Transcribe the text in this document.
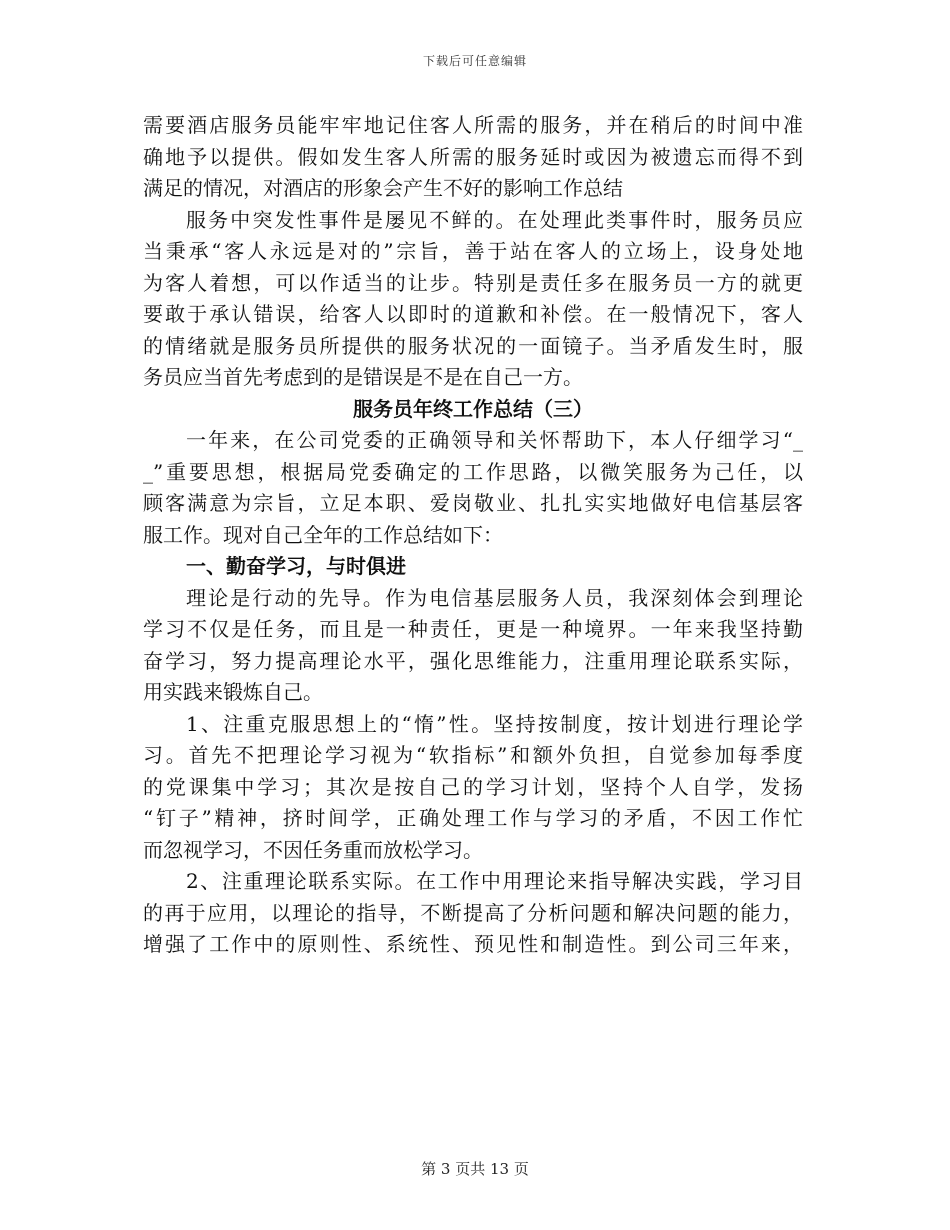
下载后可任意编辑
需要酒店服务员能牢牢地记住客人所需的服务，并在稍后的时间中准
确地予以提供。假如发生客人所需的服务延时或因为被遗忘而得不到
满足的情况，对酒店的形象会产生不好的影响工作总结
服务中突发性事件是屡见不鲜的。在处理此类事件时，服务员应
当秉承“客人永远是对的”宗旨，善于站在客人的立场上，设身处地
为客人着想，可以作适当的让步。特别是责任多在服务员一方的就更
要敢于承认错误，给客人以即时的道歉和补偿。在一般情况下，客人
的情绪就是服务员所提供的服务状况的一面镜子。当矛盾发生时，服
务员应当首先考虑到的是错误是不是在自己一方。
服务员年终工作总结（三）
一年来，在公司党委的正确领导和关怀帮助下，本人仔细学习“_
_”重要思想，根据局党委确定的工作思路，以微笑服务为己任，以
顾客满意为宗旨，立足本职、爱岗敬业、扎扎实实地做好电信基层客
服工作。现对自己全年的工作总结如下：
一、勤奋学习，与时俱进
理论是行动的先导。作为电信基层服务人员，我深刻体会到理论
学习不仅是任务，而且是一种责任，更是一种境界。一年来我坚持勤
奋学习，努力提高理论水平，强化思维能力，注重用理论联系实际，
用实践来锻炼自己。
1、注重克服思想上的“惰”性。坚持按制度，按计划进行理论学
习。首先不把理论学习视为“软指标”和额外负担，自觉参加每季度
的党课集中学习；其次是按自己的学习计划，坚持个人自学，发扬
“钉子”精神，挤时间学，正确处理工作与学习的矛盾，不因工作忙
而忽视学习，不因任务重而放松学习。
2、注重理论联系实际。在工作中用理论来指导解决实践，学习目
的再于应用，以理论的指导，不断提高了分析问题和解决问题的能力，
增强了工作中的原则性、系统性、预见性和制造性。到公司三年来，
第 3 页共 13 页
